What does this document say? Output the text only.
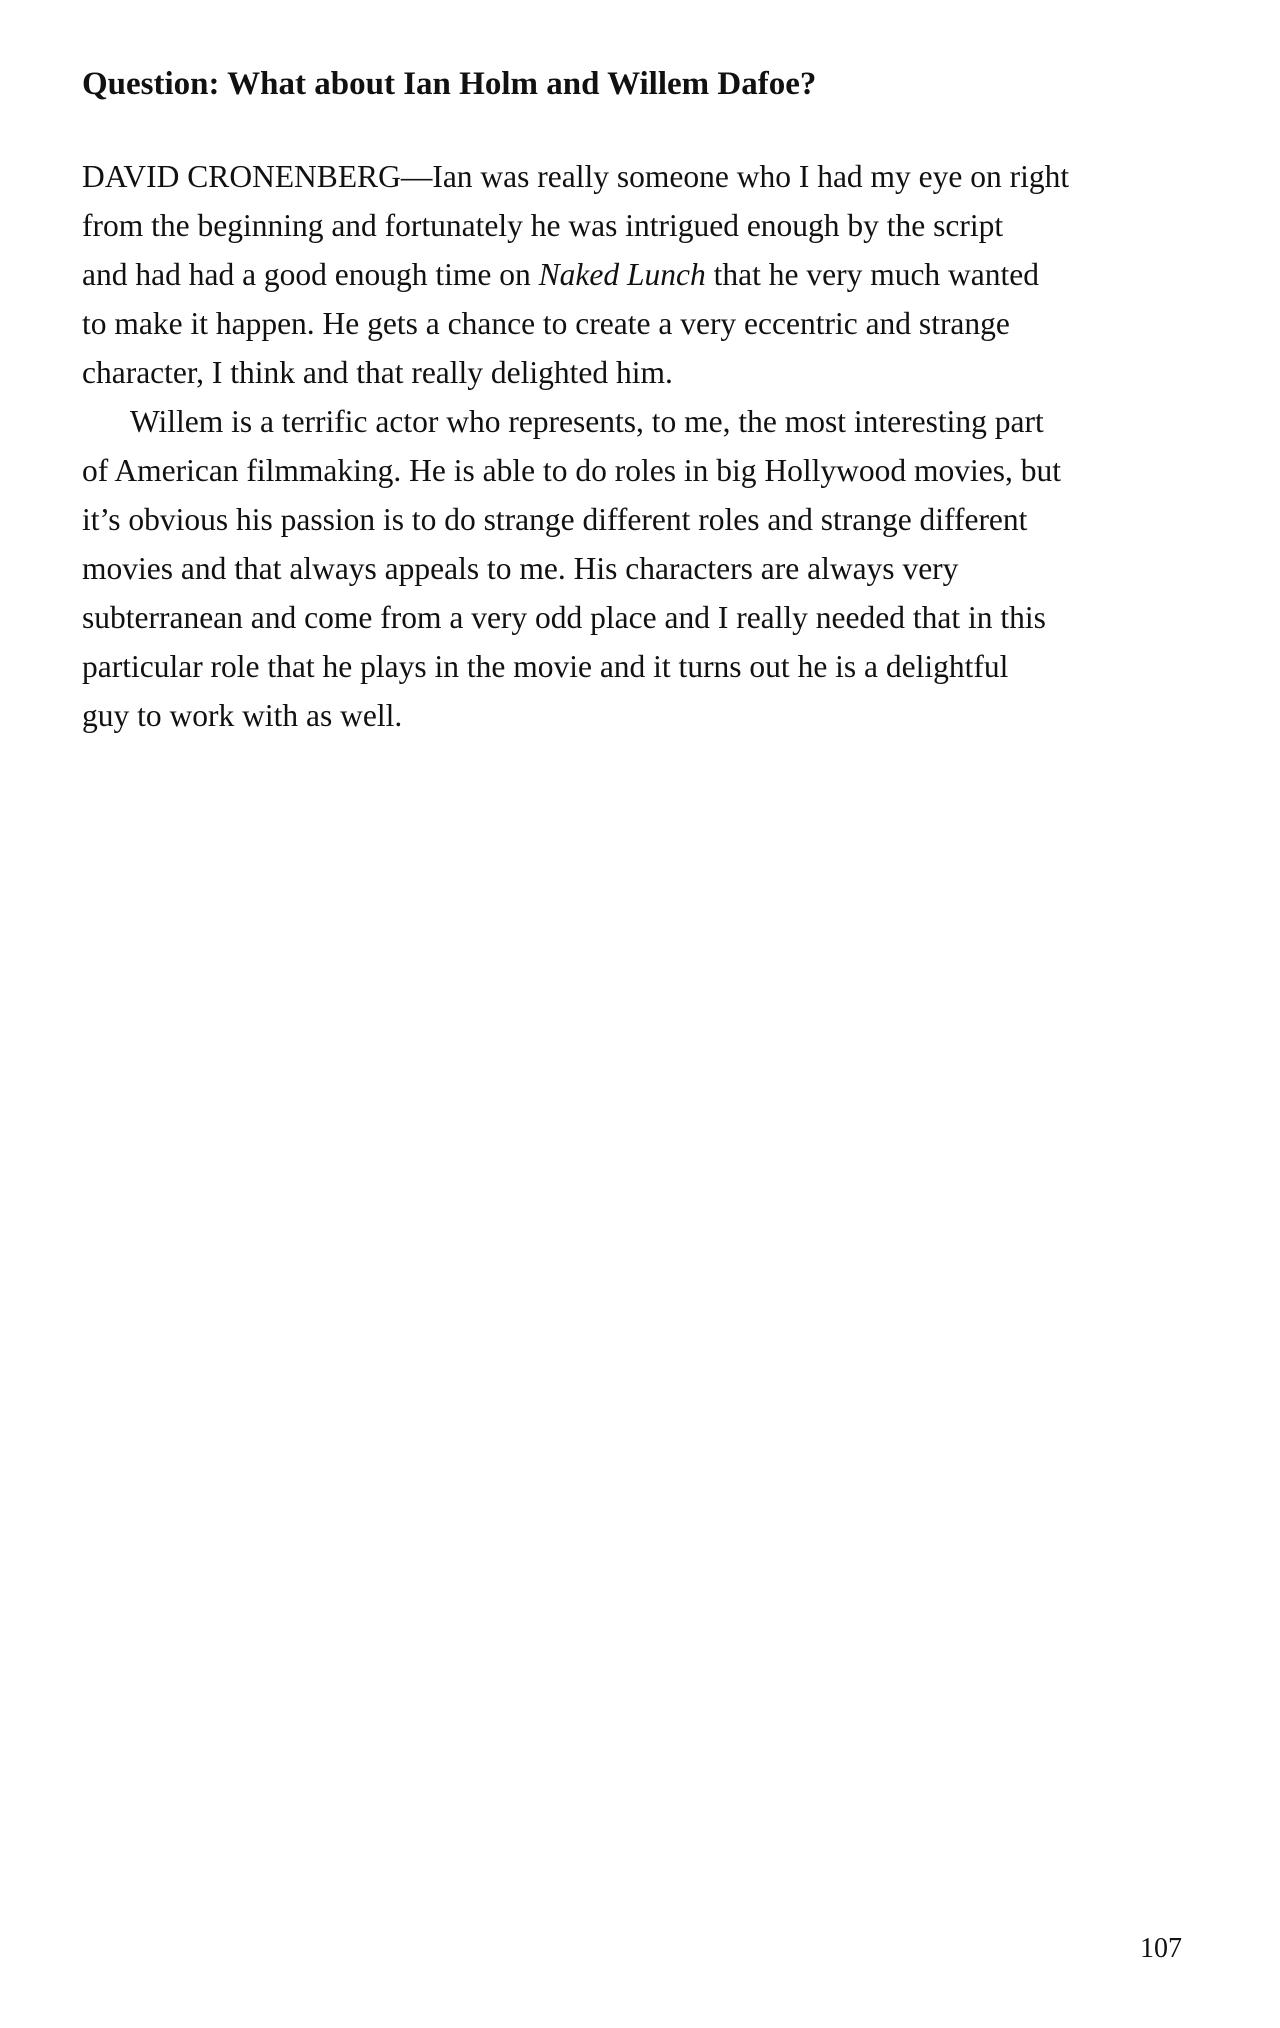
Question: What about Ian Holm and Willem Dafoe?

DAVID CRONENBERG—Ian was really someone who I had my eye on right
from the beginning and fortunately he was intrigued enough by the script
and had had a good enough time on Naked Lunch that he very much wanted
to make it happen. He gets a chance to create a very eccentric and strange
character, I think and that really delighted him.

Willem is a terrific actor who represents, to me, the most interesting part
of American filmmaking. He is able to do roles in big Hollywood movies, but
it’s obvious his passion is to do strange different roles and strange different
movies and that always appeals to me. His characters are always very
subterranean and come from a very odd place and I really needed that in this
particular role that he plays in the movie and it turns out he is a delightful
guy to work with as well.

107
